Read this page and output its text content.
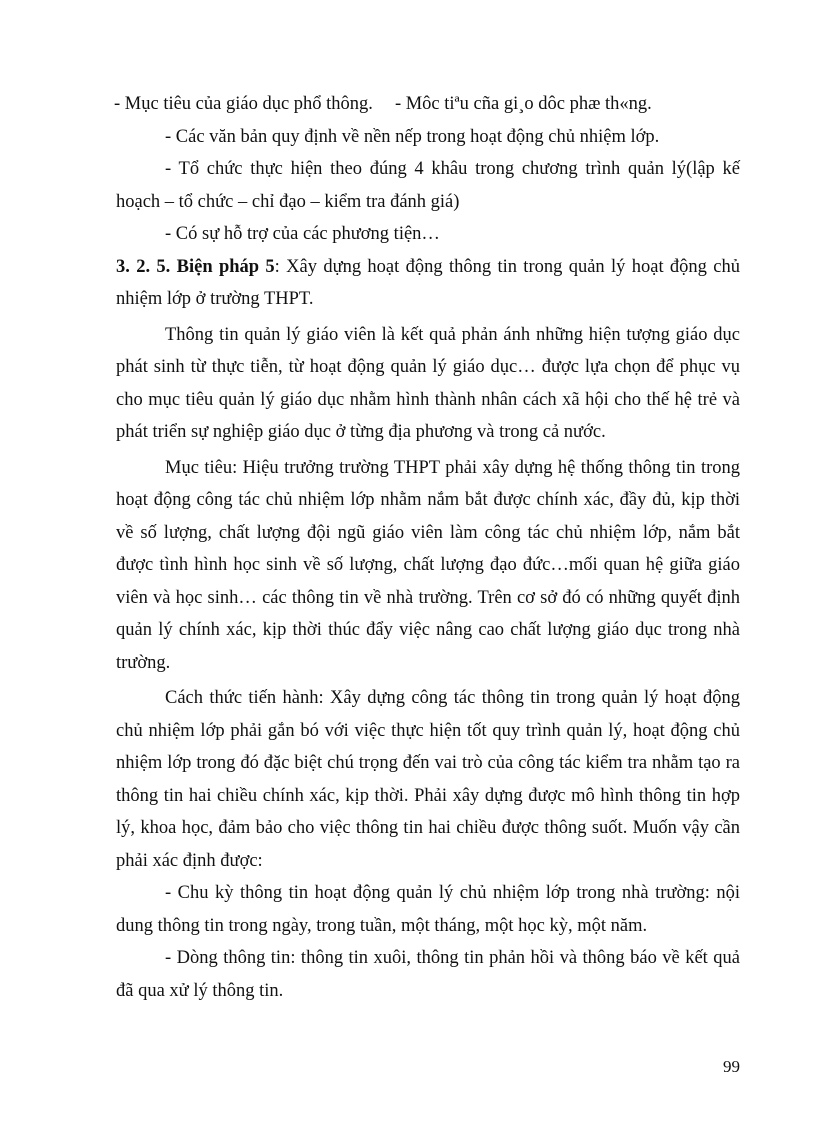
- Mục tiêu của giáo dục phổ thông. - Môc tiªu cña gi¸o dôc phæ th«ng.

- Các văn bản quy định về nền nếp trong hoạt động chủ nhiệm lớp.

- Tổ chức thực hiện theo đúng 4 khâu trong chương trình quản lý(lập kế hoạch – tổ chức – chỉ đạo – kiểm tra đánh giá)

- Có sự hỗ trợ của các phương tiện…

3. 2. 5. Biện pháp 5: Xây dựng hoạt động thông tin trong quản lý hoạt động chủ nhiệm lớp ở trường THPT.

Thông tin quản lý giáo viên là kết quả phản ánh những hiện tượng giáo dục phát sinh từ thực tiễn, từ hoạt động quản lý giáo dục… được lựa chọn để phục vụ cho mục tiêu quản lý giáo dục nhằm hình thành nhân cách xã hội cho thế hệ trẻ và phát triển sự nghiệp giáo dục ở từng địa phương và trong cả nước.

Mục tiêu: Hiệu trưởng trường THPT phải xây dựng hệ thống thông tin trong hoạt động công tác chủ nhiệm lớp nhằm nắm bắt được chính xác, đầy đủ, kịp thời về số lượng, chất lượng đội ngũ giáo viên làm công tác chủ nhiệm lớp, nắm bắt được tình hình học sinh về số lượng, chất lượng đạo đức…mối quan hệ giữa giáo viên và học sinh… các thông tin về nhà trường. Trên cơ sở đó có những quyết định quản lý chính xác, kịp thời thúc đẩy việc nâng cao chất lượng giáo dục trong nhà trường.

Cách thức tiến hành: Xây dựng công tác thông tin trong quản lý hoạt động chủ nhiệm lớp phải gắn bó với việc thực hiện tốt quy trình quản lý, hoạt động chủ nhiệm lớp trong đó đặc biệt chú trọng đến vai trò của công tác kiểm tra nhằm tạo ra thông tin hai chiều chính xác, kịp thời. Phải xây dựng được mô hình thông tin hợp lý, khoa học, đảm bảo cho việc thông tin hai chiều được thông suốt. Muốn vậy cần phải xác định được:

- Chu kỳ thông tin hoạt động quản lý chủ nhiệm lớp trong nhà trường: nội dung thông tin trong ngày, trong tuần, một tháng, một học kỳ, một năm.

- Dòng thông tin: thông tin xuôi, thông tin phản hồi và thông báo về kết quả đã qua xử lý thông tin.

99
